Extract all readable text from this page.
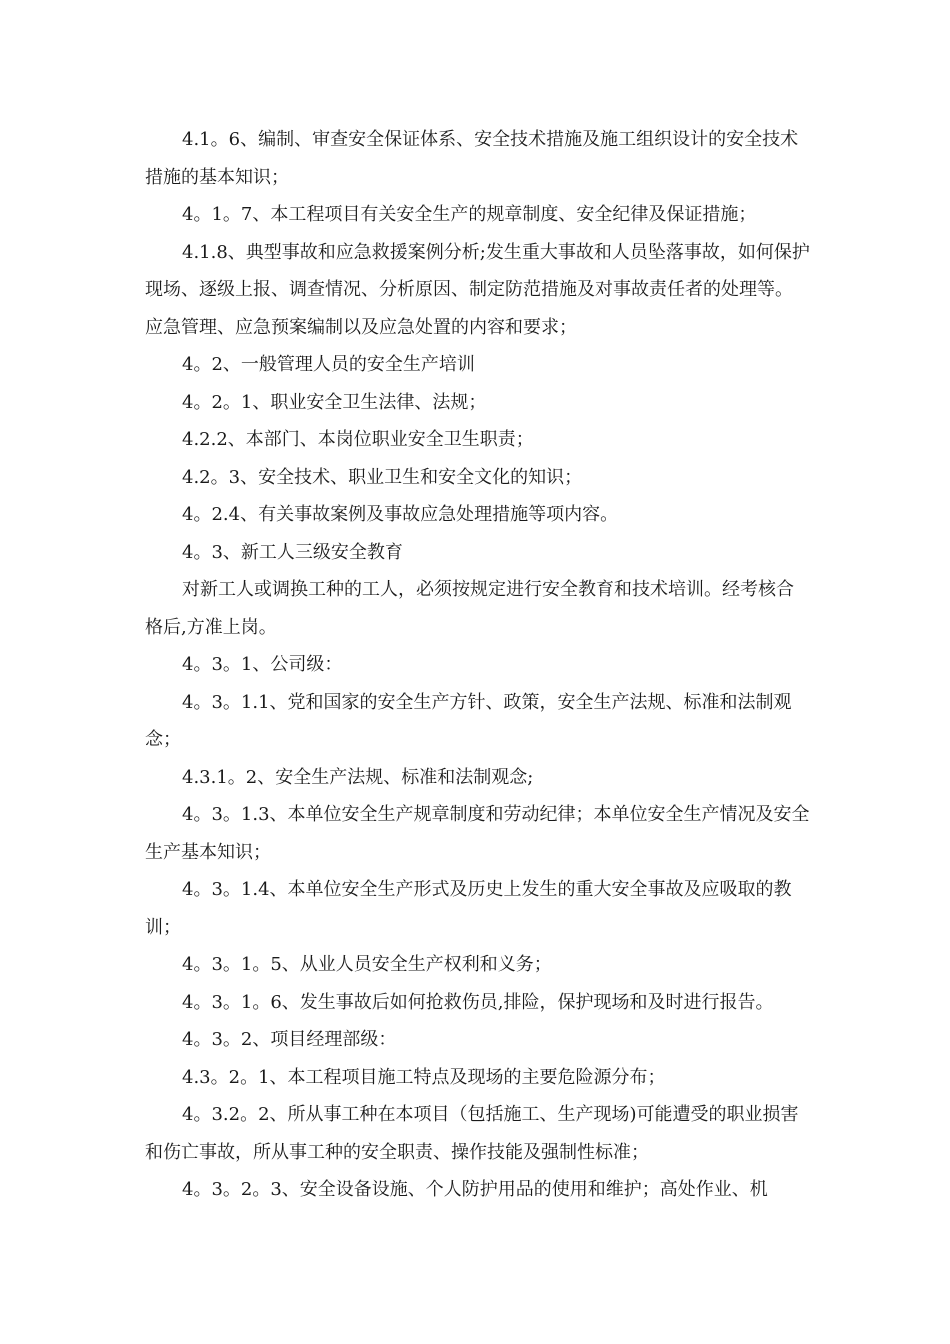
4.1。6、编制、审查安全保证体系、安全技术措施及施工组织设计的安全技术措施的基本知识；

4。1。7、本工程项目有关安全生产的规章制度、安全纪律及保证措施；

4.1.8、典型事故和应急救援案例分析;发生重大事故和人员坠落事故，如何保护现场、逐级上报、调查情况、分析原因、制定防范措施及对事故责任者的处理等。应急管理、应急预案编制以及应急处置的内容和要求；

4。2、一般管理人员的安全生产培训

4。2。1、职业安全卫生法律、法规；

4.2.2、本部门、本岗位职业安全卫生职责；

4.2。3、安全技术、职业卫生和安全文化的知识；

4。2.4、有关事故案例及事故应急处理措施等项内容。

4。3、新工人三级安全教育

对新工人或调换工种的工人，必须按规定进行安全教育和技术培训。经考核合格后,方准上岗。

4。3。1、公司级：

4。3。1.1、党和国家的安全生产方针、政策，安全生产法规、标准和法制观念；

4.3.1。2、安全生产法规、标准和法制观念;

4。3。1.3、本单位安全生产规章制度和劳动纪律；本单位安全生产情况及安全生产基本知识；

4。3。1.4、本单位安全生产形式及历史上发生的重大安全事故及应吸取的教训；

4。3。1。5、从业人员安全生产权利和义务；

4。3。1。6、发生事故后如何抢救伤员,排险，保护现场和及时进行报告。

4。3。2、项目经理部级：

4.3。2。1、本工程项目施工特点及现场的主要危险源分布；

4。3.2。2、所从事工种在本项目（包括施工、生产现场)可能遭受的职业损害和伤亡事故，所从事工种的安全职责、操作技能及强制性标准；

4。3。2。3、安全设备设施、个人防护用品的使用和维护；高处作业、机
